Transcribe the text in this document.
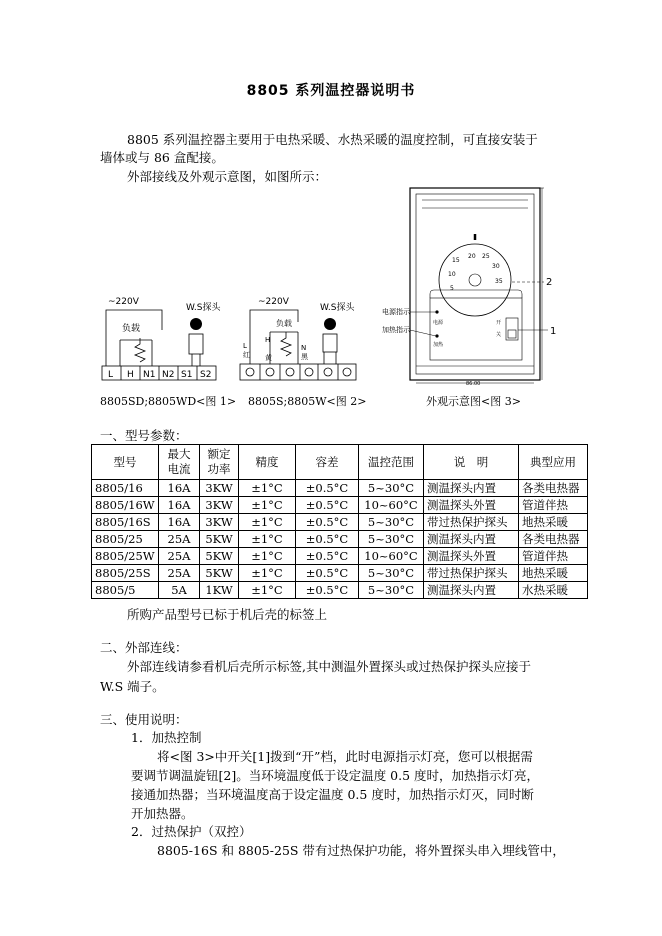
8805 系列温控器说明书
8805 系列温控器主要用于电热采暖、水热采暖的温度控制，可直接安装于
墙体或与 86 盒配接。
外部接线及外观示意图，如图所示：
~220V
W.S探头
负载
L H N1 N2 S1 S2
~220V
W.S探头
负载
L
红
H
黄
N
黑
20 25
15
30
10
35
5
电源
加热
开
关
电源指示
加热指示
2
1
86.00
8805SD;8805WD<图 1> 8805S;8805W<图 2>	外观示意图<图 3>
一、型号参数：
型号	最大电流	额定功率	精度	容差	温控范围	说　明	典型应用
8805/16	16A	3KW	±1°C	±0.5°C	5~30°C	测温探头内置	各类电热器
8805/16W	16A	3KW	±1°C	±0.5°C	10~60°C	测温探头外置	管道伴热
8805/16S	16A	3KW	±1°C	±0.5°C	5~30°C	带过热保护探头	地热采暖
8805/25	25A	5KW	±1°C	±0.5°C	5~30°C	测温探头内置	各类电热器
8805/25W	25A	5KW	±1°C	±0.5°C	10~60°C	测温探头外置	管道伴热
8805/25S	25A	5KW	±1°C	±0.5°C	5~30°C	带过热保护探头	地热采暖
8805/5	5A	1KW	±1°C	±0.5°C	5~30°C	测温探头内置	水热采暖
所购产品型号已标于机后壳的标签上
二、外部连线：
外部连线请参看机后壳所示标签,其中测温外置探头或过热保护探头应接于
W.S 端子。
三、使用说明：
1．加热控制
将<图 3>中开关[1]拨到“开”档，此时电源指示灯亮，您可以根据需
要调节调温旋钮[2]。当环境温度低于设定温度 0.5 度时，加热指示灯亮，
接通加热器；当环境温度高于设定温度 0.5 度时，加热指示灯灭，同时断
开加热器。
2．过热保护（双控）
8805-16S 和 8805-25S 带有过热保护功能，将外置探头串入埋线管中，
